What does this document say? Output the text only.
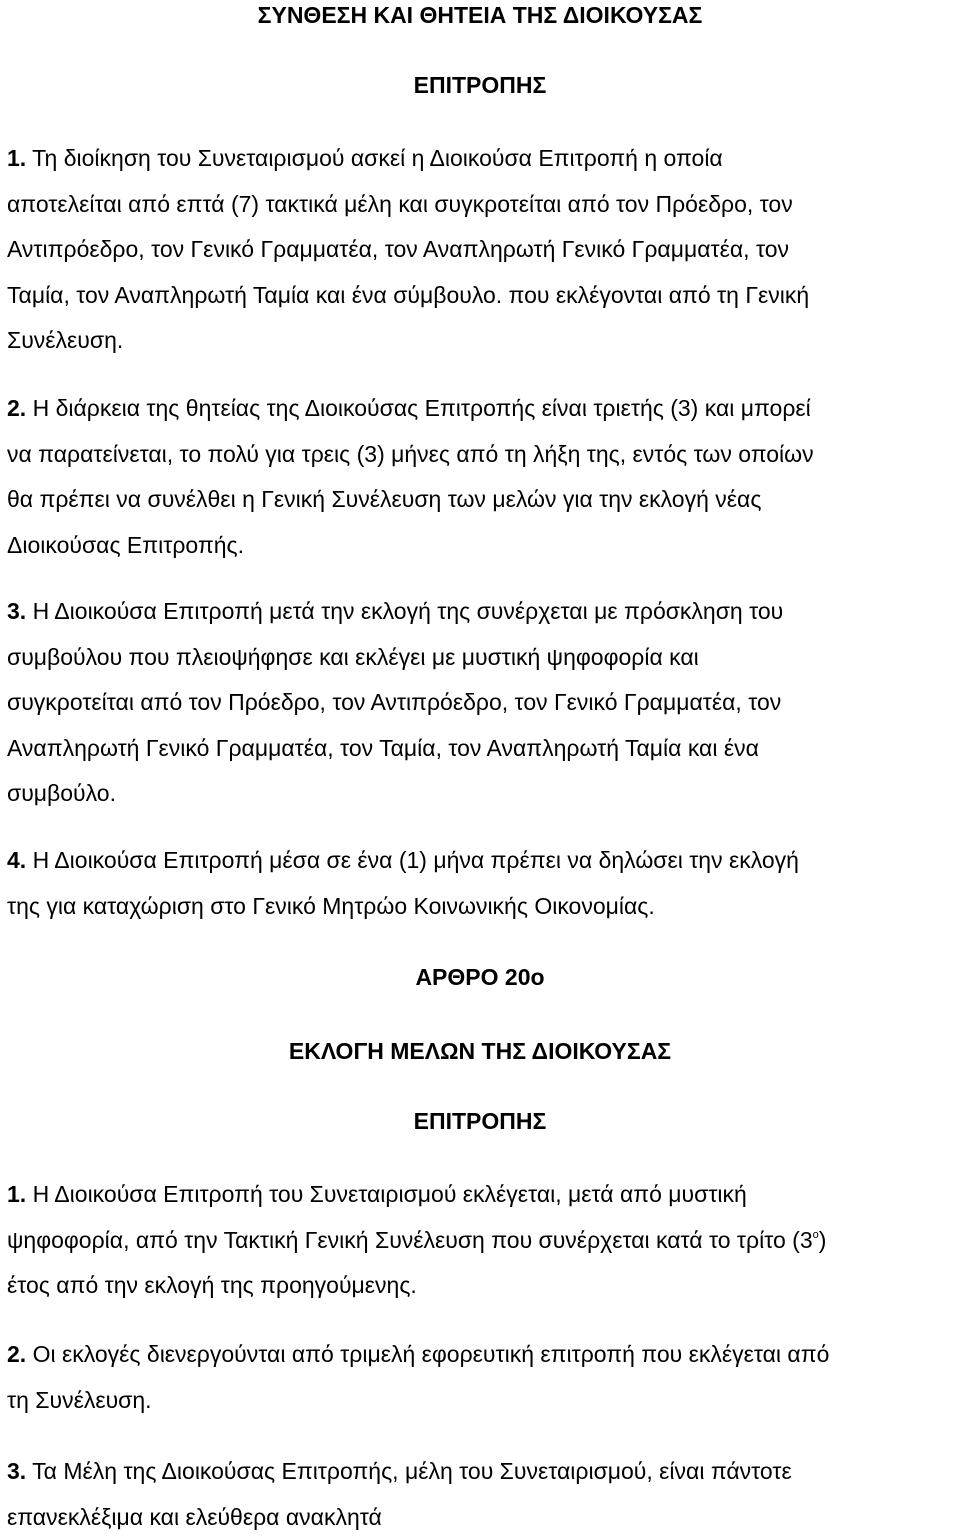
ΣΥΝΘΕΣΗ ΚΑΙ ΘΗΤΕΙΑ ΤΗΣ ΔΙΟΙΚΟΥΣΑΣ
ΕΠΙΤΡΟΠΗΣ

1. Τη διοίκηση του Συνεταιρισμού ασκεί η Διοικούσα Επιτροπή η οποία
αποτελείται από επτά (7) τακτικά μέλη και συγκροτείται από τον Πρόεδρο, τον
Αντιπρόεδρο, τον Γενικό Γραμματέα, τον Αναπληρωτή Γενικό Γραμματέα, τον
Ταμία, τον Αναπληρωτή Ταμία και ένα σύμβουλο. που εκλέγονται από τη Γενική
Συνέλευση.

2. Η διάρκεια της θητείας της Διοικούσας Επιτροπής είναι τριετής (3) και μπορεί
να παρατείνεται, το πολύ για τρεις (3) μήνες από τη λήξη της, εντός των οποίων
θα πρέπει να συνέλθει η Γενική Συνέλευση των μελών για την εκλογή νέας
Διοικούσας Επιτροπής.

3. Η Διοικούσα Επιτροπή μετά την εκλογή της συνέρχεται με πρόσκληση του
συμβούλου που πλειοψήφησε και εκλέγει με μυστική ψηφοφορία και
συγκροτείται από τον Πρόεδρο, τον Αντιπρόεδρο, τον Γενικό Γραμματέα, τον
Αναπληρωτή Γενικό Γραμματέα, τον Ταμία, τον Αναπληρωτή Ταμία και ένα
συμβούλο.

4. Η Διοικούσα Επιτροπή μέσα σε ένα (1) μήνα πρέπει να δηλώσει την εκλογή
της για καταχώριση στο Γενικό Μητρώο Κοινωνικής Οικονομίας.

ΑΡΘΡΟ 20ο
ΕΚΛΟΓΗ ΜΕΛΩΝ ΤΗΣ ΔΙΟΙΚΟΥΣΑΣ
ΕΠΙΤΡΟΠΗΣ

1. Η Διοικούσα Επιτροπή του Συνεταιρισμού εκλέγεται, μετά από μυστική
ψηφοφορία, από την Τακτική Γενική Συνέλευση που συνέρχεται κατά το τρίτο $(3^o)$
έτος από την εκλογή της προηγούμενης.

2. Οι εκλογές διενεργούνται από τριμελή εφορευτική επιτροπή που εκλέγεται από
τη Συνέλευση.

3. Τα Μέλη της Διοικούσας Επιτροπής, μέλη του Συνεταιρισμού, είναι πάντοτε
επανεκλέξιμα και ελεύθερα ανακλητά
